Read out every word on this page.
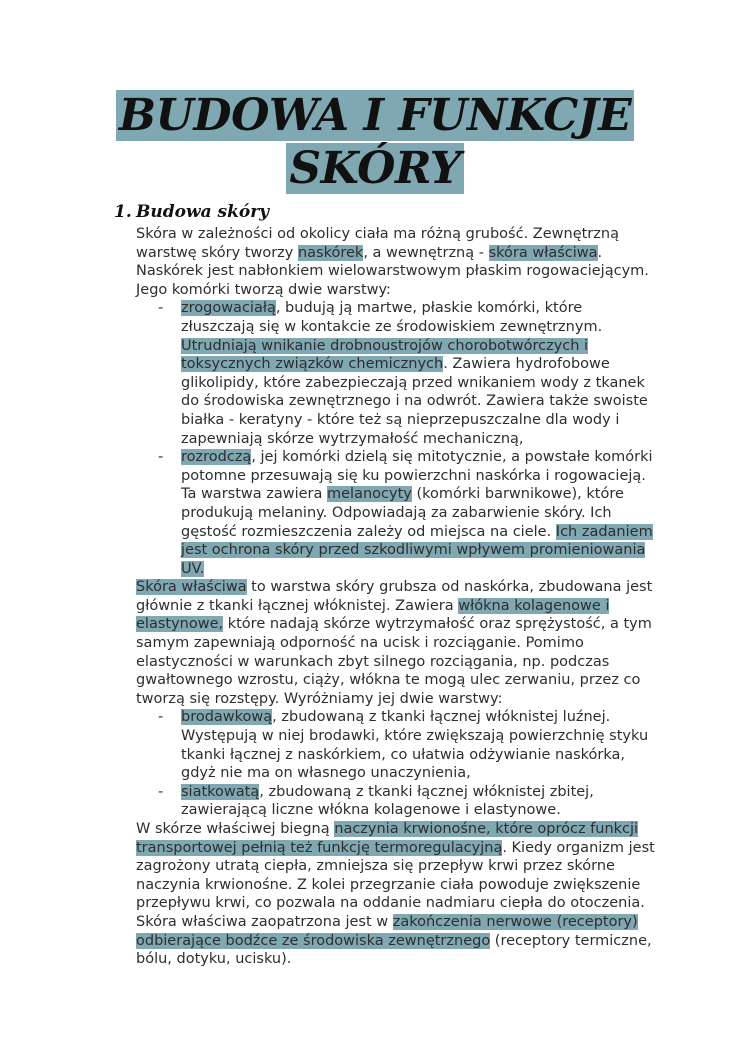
BUDOWA I FUNKCJE
SKÓRY
1. Budowa skóry

Skóra w zależności od okolicy ciała ma różną grubość. Zewnętrzną warstwę skóry tworzy naskórek, a wewnętrzną - skóra właściwa. Naskórek jest nabłonkiem wielowarstwowym płaskim rogowaciejącym. Jego komórki tworzą dwie warstwy:

- zrogowaciałą, budują ją martwe, płaskie komórki, które złuszczają się w kontakcie ze środowiskiem zewnętrznym. Utrudniają wnikanie drobnoustrojów chorobotwórczych i toksycznych związków chemicznych. Zawiera hydrofobowe glikolipidy, które zabezpieczają przed wnikaniem wody z tkanek do środowiska zewnętrznego i na odwrót. Zawiera także swoiste białka - keratyny - które też są nieprzepuszczalne dla wody i zapewniają skórze wytrzymałość mechaniczną,

- rozrodczą, jej komórki dzielą się mitotycznie, a powstałe komórki potomne przesuwają się ku powierzchni naskórka i rogowacieją. Ta warstwa zawiera melanocyty (komórki barwnikowe), które produkują melaniny. Odpowiadają za zabarwienie skóry. Ich gęstość rozmieszczenia zależy od miejsca na ciele. Ich zadaniem jest ochrona skóry przed szkodliwymi wpływem promieniowania UV.

Skóra właściwa to warstwa skóry grubsza od naskórka, zbudowana jest głównie z tkanki łącznej włóknistej. Zawiera włókna kolagenowe i elastynowe, które nadają skórze wytrzymałość oraz sprężystość, a tym samym zapewniają odporność na ucisk i rozciąganie. Pomimo elastyczności w warunkach zbyt silnego rozciągania, np. podczas gwałtownego wzrostu, ciąży, włókna te mogą ulec zerwaniu, przez co tworzą się rozstępy. Wyróżniamy jej dwie warstwy:

- brodawkową, zbudowaną z tkanki łącznej włóknistej luźnej. Występują w niej brodawki, które zwiększają powierzchnię styku tkanki łącznej z naskórkiem, co ułatwia odżywianie naskórka, gdyż nie ma on własnego unaczynienia,

- siatkowatą, zbudowaną z tkanki łącznej włóknistej zbitej, zawierającą liczne włókna kolagenowe i elastynowe.

W skórze właściwej biegną naczynia krwionośne, które oprócz funkcji transportowej pełnią też funkcję termoregulacyjną. Kiedy organizm jest zagrożony utratą ciepła, zmniejsza się przepływ krwi przez skórne naczynia krwionośne. Z kolei przegrzanie ciała powoduje zwiększenie przepływu krwi, co pozwala na oddanie nadmiaru ciepła do otoczenia. Skóra właściwa zaopatrzona jest w zakończenia nerwowe (receptory) odbierające bodźce ze środowiska zewnętrznego (receptory termiczne, bólu, dotyku, ucisku).
